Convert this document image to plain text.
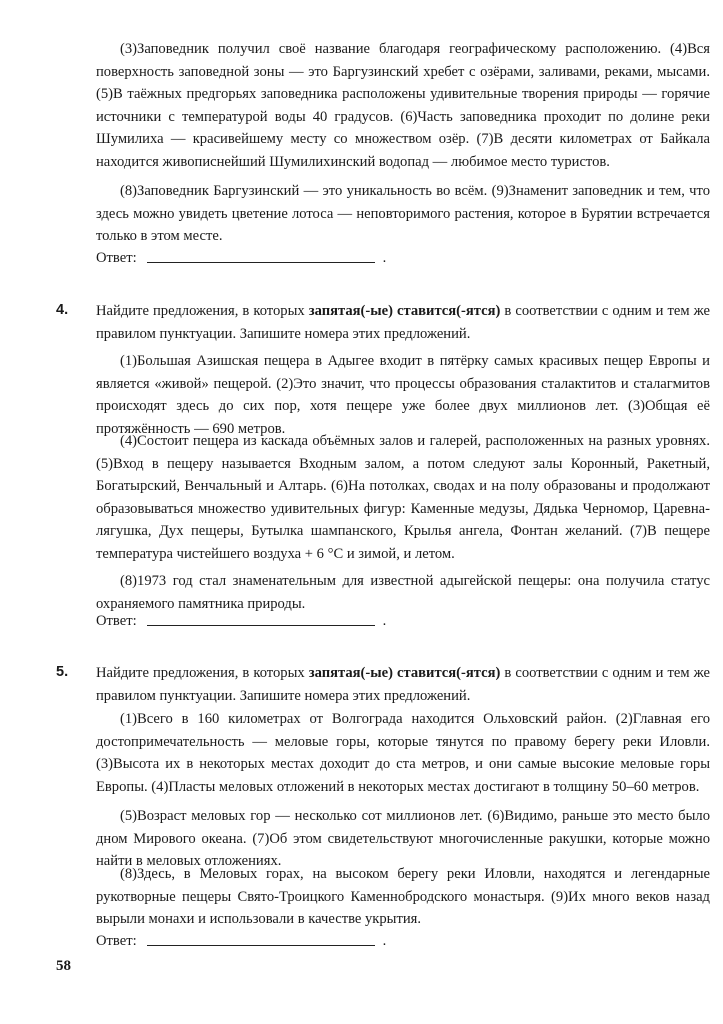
(3)Заповедник получил своё название благодаря географическому расположению. (4)Вся поверхность заповедной зоны — это Баргузинский хребет с озёрами, заливами, реками, мысами. (5)В таёжных предгорьях заповедника расположены удивительные творения природы — горячие источники с температурой воды 40 градусов. (6)Часть заповедника проходит по долине реки Шумилиха — красивейшему месту со множеством озёр. (7)В десяти километрах от Байкала находится живописнейший Шумилихинский водопад — любимое место туристов.
(8)Заповедник Баргузинский — это уникальность во всём. (9)Знаменит заповедник и тем, что здесь можно увидеть цветение лотоса — неповторимого растения, которое в Бурятии встречается только в этом месте.
Ответ:	.
4. Найдите предложения, в которых запятая(-ые) ставится(-ятся) в соответствии с одним и тем же правилом пунктуации. Запишите номера этих предложений.
(1)Большая Азишская пещера в Адыгее входит в пятёрку самых красивых пещер Европы и является «живой» пещерой. (2)Это значит, что процессы образования сталактитов и сталагмитов происходят здесь до сих пор, хотя пещере уже более двух миллионов лет. (3)Общая её протяжённость — 690 метров.
(4)Состоит пещера из каскада объёмных залов и галерей, расположенных на разных уровнях. (5)Вход в пещеру называется Входным залом, а потом следуют залы Коронный, Ракетный, Богатырский, Венчальный и Алтарь. (6)На потолках, сводах и на полу образованы и продолжают образовываться множество удивительных фигур: Каменные медузы, Дядька Черномор, Царевна-лягушка, Дух пещеры, Бутылка шампанского, Крылья ангела, Фонтан желаний. (7)В пещере температура чистейшего воздуха + 6 °C и зимой, и летом.
(8)1973 год стал знаменательным для известной адыгейской пещеры: она получила статус охраняемого памятника природы.
Ответ:	.
5. Найдите предложения, в которых запятая(-ые) ставится(-ятся) в соответствии с одним и тем же правилом пунктуации. Запишите номера этих предложений.
(1)Всего в 160 километрах от Волгограда находится Ольховский район. (2)Главная его достопримечательность — меловые горы, которые тянутся по правому берегу реки Иловли. (3)Высота их в некоторых местах доходит до ста метров, и они самые высокие меловые горы Европы. (4)Пласты меловых отложений в некоторых местах достигают в толщину 50–60 метров.
(5)Возраст меловых гор — несколько сот миллионов лет. (6)Видимо, раньше это место было дном Мирового океана. (7)Об этом свидетельствуют многочисленные ракушки, которые можно найти в меловых отложениях.
(8)Здесь, в Меловых горах, на высоком берегу реки Иловли, находятся и легендарные рукотворные пещеры Свято-Троицкого Каменнобродского монастыря. (9)Их много веков назад вырыли монахи и использовали в качестве укрытия.
Ответ:	.
58
